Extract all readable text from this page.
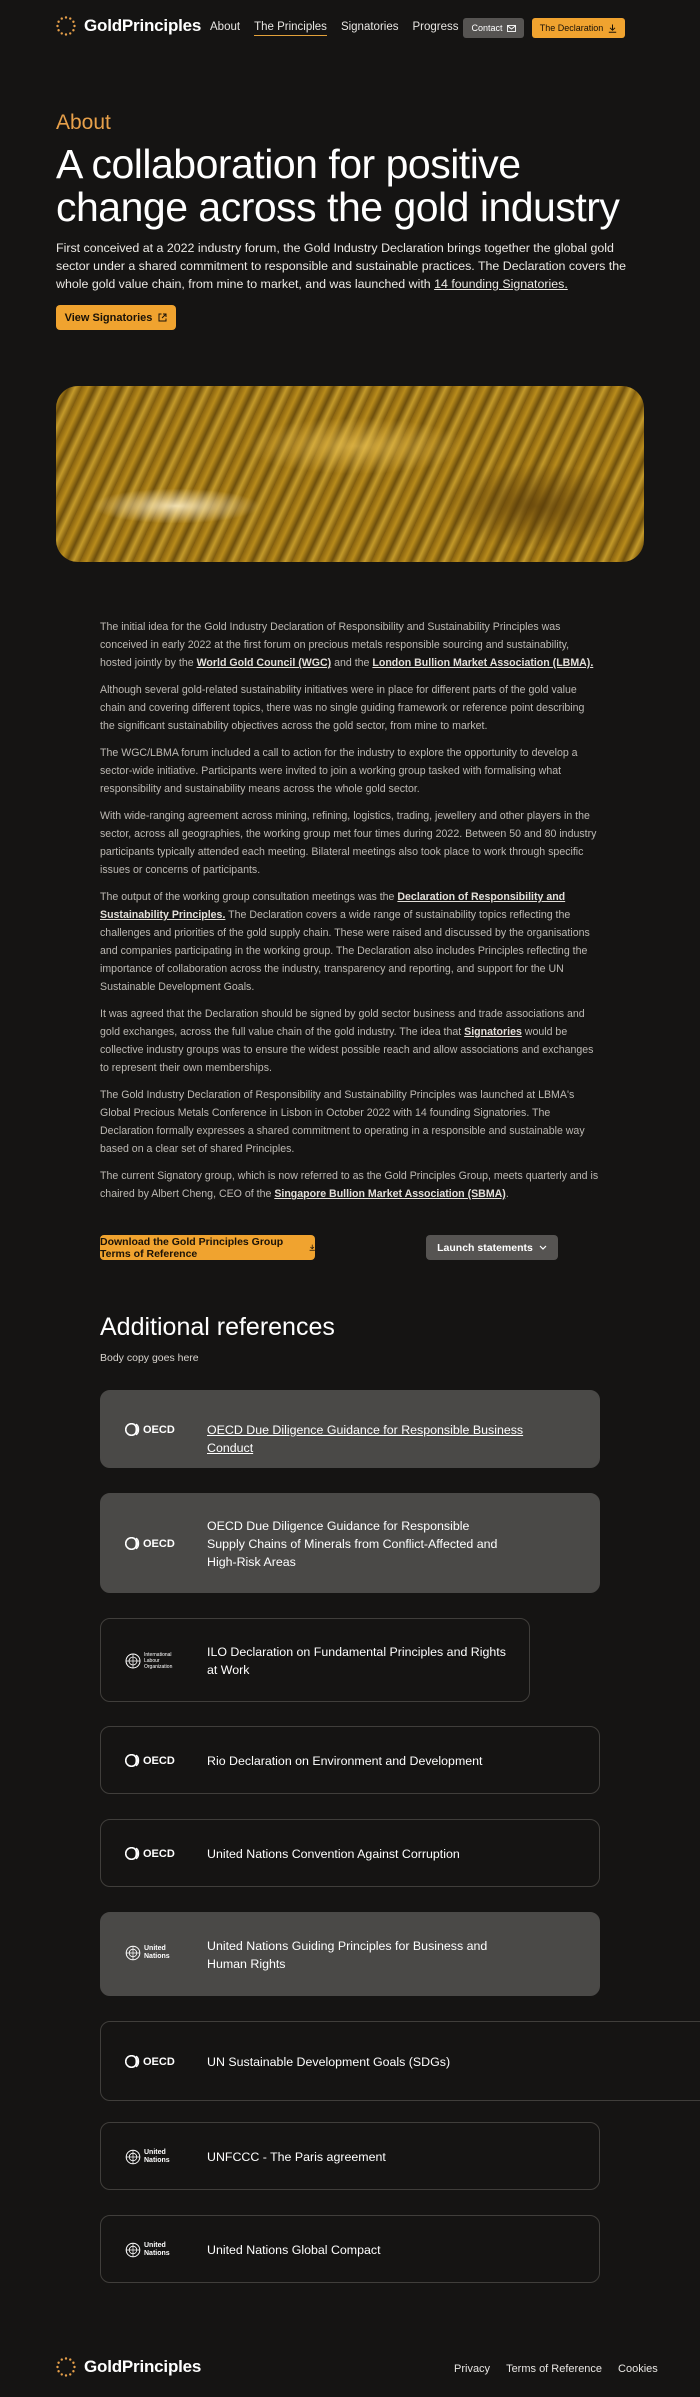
GoldPrinciples About The Principles Signatories Progress Contact	The Declaration
About
A collaboration for positive change across the gold industry

First conceived at a 2022 industry forum, the Gold Industry Declaration brings together the global gold sector under a shared commitment to responsible and sustainable practices. The Declaration covers the whole gold value chain, from mine to market, and was launched with 14 founding Signatories.

View Signatories

The initial idea for the Gold Industry Declaration of Responsibility and Sustainability Principles was conceived in early 2022 at the first forum on precious metals responsible sourcing and sustainability, hosted jointly by the World Gold Council (WGC) and the London Bullion Market Association (LBMA).

Although several gold-related sustainability initiatives were in place for different parts of the gold value chain and covering different topics, there was no single guiding framework or reference point describing the significant sustainability objectives across the gold sector, from mine to market.

The WGC/LBMA forum included a call to action for the industry to explore the opportunity to develop a sector-wide initiative. Participants were invited to join a working group tasked with formalising what responsibility and sustainability means across the whole gold sector.

With wide-ranging agreement across mining, refining, logistics, trading, jewellery and other players in the sector, across all geographies, the working group met four times during 2022. Between 50 and 80 industry participants typically attended each meeting. Bilateral meetings also took place to work through specific issues or concerns of participants.

The output of the working group consultation meetings was the Declaration of Responsibility and Sustainability Principles. The Declaration covers a wide range of sustainability topics reflecting the challenges and priorities of the gold supply chain. These were raised and discussed by the organisations and companies participating in the working group. The Declaration also includes Principles reflecting the importance of collaboration across the industry, transparency and reporting, and support for the UN Sustainable Development Goals.

It was agreed that the Declaration should be signed by gold sector business and trade associations and gold exchanges, across the full value chain of the gold industry. The idea that Signatories would be collective industry groups was to ensure the widest possible reach and allow associations and exchanges to represent their own memberships.

The Gold Industry Declaration of Responsibility and Sustainability Principles was launched at LBMA's Global Precious Metals Conference in Lisbon in October 2022 with 14 founding Signatories. The Declaration formally expresses a shared commitment to operating in a responsible and sustainable way based on a clear set of shared Principles.

The current Signatory group, which is now referred to as the Gold Principles Group, meets quarterly and is chaired by Albert Cheng, CEO of the Singapore Bullion Market Association (SBMA).

Download the Gold Principles Group Terms of Reference	Launch statements
Additional references

Body copy goes here

OECD	OECD Due Diligence Guidance for Responsible Business Conduct
OECD
OECD Due Diligence Guidance for Responsible Supply Chains of Minerals from Conflict-Affected and High-Risk Areas
International Labour Organization
ILO Declaration on Fundamental Principles and Rights at Work
OECD	Rio Declaration on Environment and Development
OECD	United Nations Convention Against Corruption
United Nations
United Nations Guiding Principles for Business and Human Rights
OECD	UN Sustainable Development Goals (SDGs)
United Nations	UNFCCC - The Paris agreement
United Nations	United Nations Global Compact
GoldPrinciples	Privacy Terms of Reference Cookies
